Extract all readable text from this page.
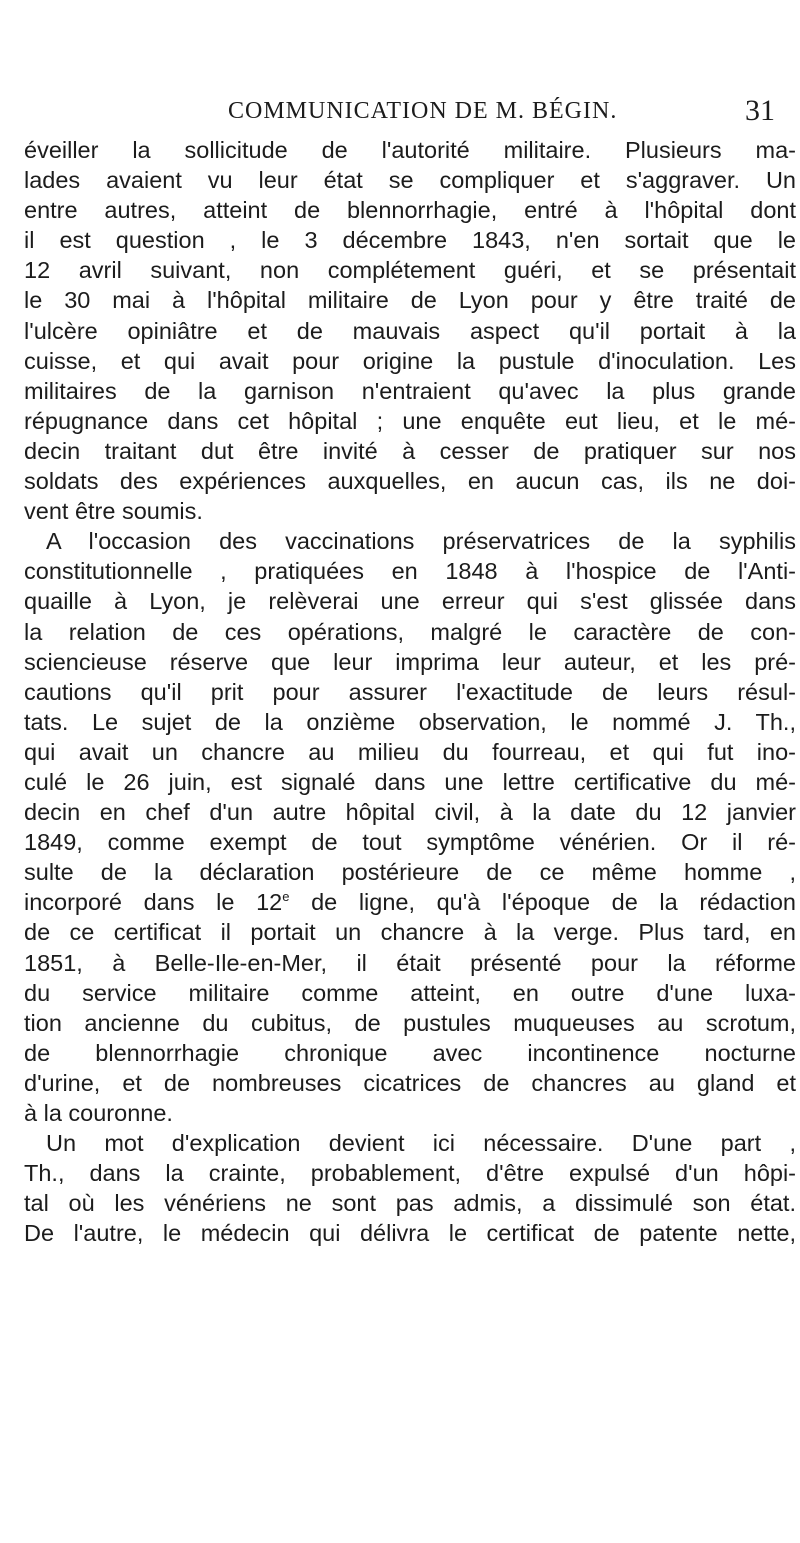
COMMUNICATION DE M. BÉGIN.	31
éveiller la sollicitude de l'autorité militaire. Plusieurs ma-
lades avaient vu leur état se compliquer et s'aggraver. Un
entre autres, atteint de blennorrhagie, entré à l'hôpital dont
il est question , le 3 décembre 1843, n'en sortait que le
12 avril suivant, non complétement guéri, et se présentait
le 30 mai à l'hôpital militaire de Lyon pour y être traité de
l'ulcère opiniâtre et de mauvais aspect qu'il portait à la
cuisse, et qui avait pour origine la pustule d'inoculation. Les
militaires de la garnison n'entraient qu'avec la plus grande
répugnance dans cet hôpital ; une enquête eut lieu, et le mé-
decin traitant dut être invité à cesser de pratiquer sur nos
soldats des expériences auxquelles, en aucun cas, ils ne doi-
vent être soumis.
A l'occasion des vaccinations préservatrices de la syphilis
constitutionnelle , pratiquées en 1848 à l'hospice de l'Anti-
quaille à Lyon, je relèverai une erreur qui s'est glissée dans
la relation de ces opérations, malgré le caractère de con-
sciencieuse réserve que leur imprima leur auteur, et les pré-
cautions qu'il prit pour assurer l'exactitude de leurs résul-
tats. Le sujet de la onzième observation, le nommé J. Th.,
qui avait un chancre au milieu du fourreau, et qui fut ino-
culé le 26 juin, est signalé dans une lettre certificative du mé-
decin en chef d'un autre hôpital civil, à la date du 12 janvier
1849, comme exempt de tout symptôme vénérien. Or il ré-
sulte de la déclaration postérieure de ce même homme ,
incorporé dans le 12e de ligne, qu'à l'époque de la rédaction
de ce certificat il portait un chancre à la verge. Plus tard, en
1851, à Belle-Ile-en-Mer, il était présenté pour la réforme
du service militaire comme atteint, en outre d'une luxa-
tion ancienne du cubitus, de pustules muqueuses au scrotum,
de blennorrhagie chronique avec incontinence nocturne
d'urine, et de nombreuses cicatrices de chancres au gland et
à la couronne.
Un mot d'explication devient ici nécessaire. D'une part ,
Th., dans la crainte, probablement, d'être expulsé d'un hôpi-
tal où les vénériens ne sont pas admis, a dissimulé son état.
De l'autre, le médecin qui délivra le certificat de patente nette,
